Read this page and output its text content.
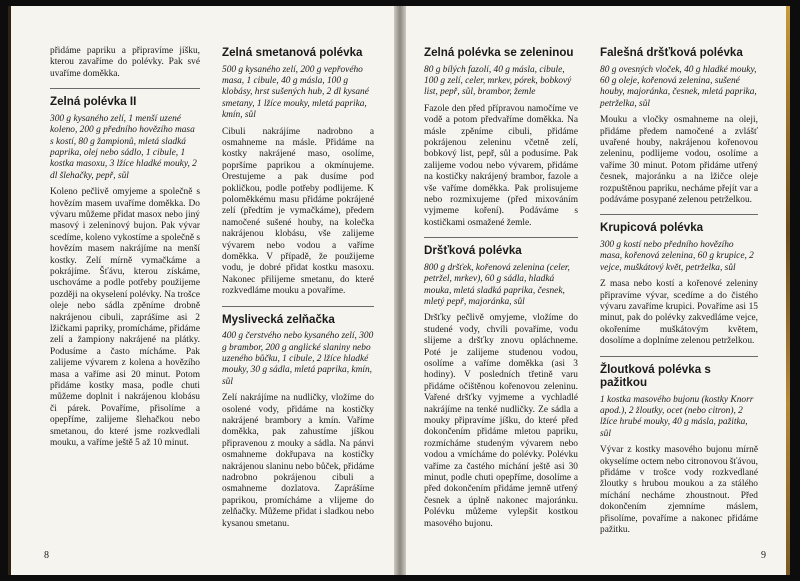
přidáme papriku a připravíme jíšku, kterou zavaříme do polévky. Pak své uvaříme doměkka.

Zelná polévka II

300 g kysaného zelí, 1 menší uzené koleno, 200 g předního hovězího masa s kostí, 80 g žampionů, mletá sladká paprika, olej nebo sádlo, 1 cibule, 1 kostka masoxu, 3 lžíce hladké mouky, 2 dl šlehačky, pepř, sůl

Koleno pečlivě omyjeme a společně s hovězím masem uvaříme doměkka. Do vývaru můžeme přidat masox nebo jiný masový i zeleninový bujon. Pak vývar scedíme, koleno vykostíme a společně s hovězím masem nakrájíme na menší kostky. Zelí mírně vymačkáme a pokrájíme. Šťávu, kterou získáme, uschováme a podle potřeby použijeme později na okyselení polévky. Na trošce oleje nebo sádla zpěníme drobně nakrájenou cibuli, zaprášíme asi 2 lžičkami papriky, promícháme, přidáme zelí a žampiony nakrájené na plátky. Podusíme a často mícháme. Pak zalijeme vývarem z kolena a hovězího masa a vaříme asi 20 minut. Potom přidáme kostky masa, podle chuti můžeme doplnit i nakrájenou klobásu či párek. Povaříme, přisolíme a opepříme, zalijeme šlehačkou nebo smetanou, do které jsme rozkvedlali mouku, a vaříme ještě 5 až 10 minut.

Zelná smetanová polévka

500 g kysaného zelí, 200 g vepřového masa, 1 cibule, 40 g másla, 100 g klobásy, hrst sušených hub, 2 dl kysané smetany, 1 lžíce mouky, mletá paprika, kmín, sůl

Cibuli nakrájíme nadrobno a osmahneme na másle. Přidáme na kostky nakrájené maso, osolíme, popršíme paprikou a okmínujeme. Orestujeme a pak dusíme pod pokličkou, podle potřeby podlijeme. K poloměkkému masu přidáme pokrájené zelí (předtím je vymačkáme), předem namočené sušené houby, na kolečka nakrájenou klobásu, vše zalijeme vývarem nebo vodou a vaříme doměkka. V případě, že použijeme vodu, je dobré přidat kostku masoxu. Nakonec přilijeme smetanu, do které rozkvedláme mouku a povaříme.

Myslivecká zelňačka

400 g čerstvého nebo kysaného zelí, 300 g brambor, 200 g anglické slaniny nebo uzeného bůčku, 1 cibule, 2 lžíce hladké mouky, 30 g sádla, mletá paprika, kmín, sůl

Zelí nakrájíme na nudličky, vložíme do osolené vody, přidáme na kostičky nakrájené brambory a kmín. Vaříme doměkka, pak zahustíme jíškou připravenou z mouky a sádla. Na pánvi osmahneme dokřupava na kostičky nakrájenou slaninu nebo bůček, přidáme nadrobno pokrájenou cibuli a osmahneme dozlatova. Zaprášíme paprikou, promícháme a vlijeme do zelňačky. Můžeme přidat i sladkou nebo kysanou smetanu.

8
Zelná polévka se zeleninou

80 g bílých fazolí, 40 g másla, cibule, 100 g zelí, celer, mrkev, pórek, bobkový list, pepř, sůl, brambor, žemle

Fazole den před přípravou namočíme ve vodě a potom předvaříme doměkka. Na másle zpěníme cibuli, přidáme pokrájenou zeleninu včetně zelí, bobkový list, pepř, sůl a podusíme. Pak zalijeme vodou nebo vývarem, přidáme na kostičky nakrájený brambor, fazole a vše vaříme doměkka. Pak prolisujeme nebo rozmixujeme (před mixováním vyjmeme koření). Podáváme s kostičkami osmažené žemle.

Dršťková polévka

800 g dršťek, kořenová zelenina (celer, petržel, mrkev), 60 g sádla, hladká mouka, mletá sladká paprika, česnek, mletý pepř, majoránka, sůl

Dršťky pečlivě omyjeme, vložíme do studené vody, chvíli povaříme, vodu slijeme a dršťky znovu opláchneme. Poté je zalijeme studenou vodou, osolíme a vaříme doměkka (asi 3 hodiny). V posledních třetině varu přidáme očištěnou kořenovou zeleninu. Vařené dršťky vyjmeme a vychladlé nakrájíme na tenké nudličky. Ze sádla a mouky připravíme jíšku, do které před dokončením přidáme mletou papriku, rozmícháme studeným vývarem nebo vodou a vmícháme do polévky. Polévku vaříme za častého míchání ještě asi 30 minut, podle chuti opepříme, dosolíme a před dokončením přidáme jemně utřený česnek a úplně nakonec majoránku. Polévku můžeme vylepšit kostkou masového bujonu.

Falešná dršťková polévka

80 g ovesných vloček, 40 g hladké mouky, 60 g oleje, kořenová zelenina, sušené houby, majoránka, česnek, mletá paprika, petrželka, sůl

Mouku a vločky osmahneme na oleji, přidáme předem namočené a zvlášť uvařené houby, nakrájenou kořenovou zeleninu, podlijeme vodou, osolíme a vaříme 30 minut. Potom přidáme utřený česnek, majoránku a na lžičce oleje rozpuštěnou papriku, necháme přejít var a podáváme posypané zelenou petrželkou.

Krupicová polévka

300 g kostí nebo předního hovězího masa, kořenová zelenina, 60 g krupice, 2 vejce, muškátový květ, petrželka, sůl

Z masa nebo kostí a kořenové zeleniny připravíme vývar, scedíme a do čistého vývaru zavaříme krupici. Povaříme asi 15 minut, pak do polévky zakvedláme vejce, okořeníme muškátovým květem, dosolíme a doplníme zelenou petrželkou.

Žloutková polévka s pažitkou

1 kostka masového bujonu (kostky Knorr apod.), 2 žloutky, ocet (nebo citron), 2 lžíce hrubé mouky, 40 g másla, pažitka, sůl

Vývar z kostky masového bujonu mírně okyselíme octem nebo citronovou šťávou, přidáme v trošce vody rozkvedlané žloutky s hrubou moukou a za stálého míchání necháme zhoustnout. Před dokončením zjemníme máslem, přisolíme, povaříme a nakonec přidáme pažitku.

9
